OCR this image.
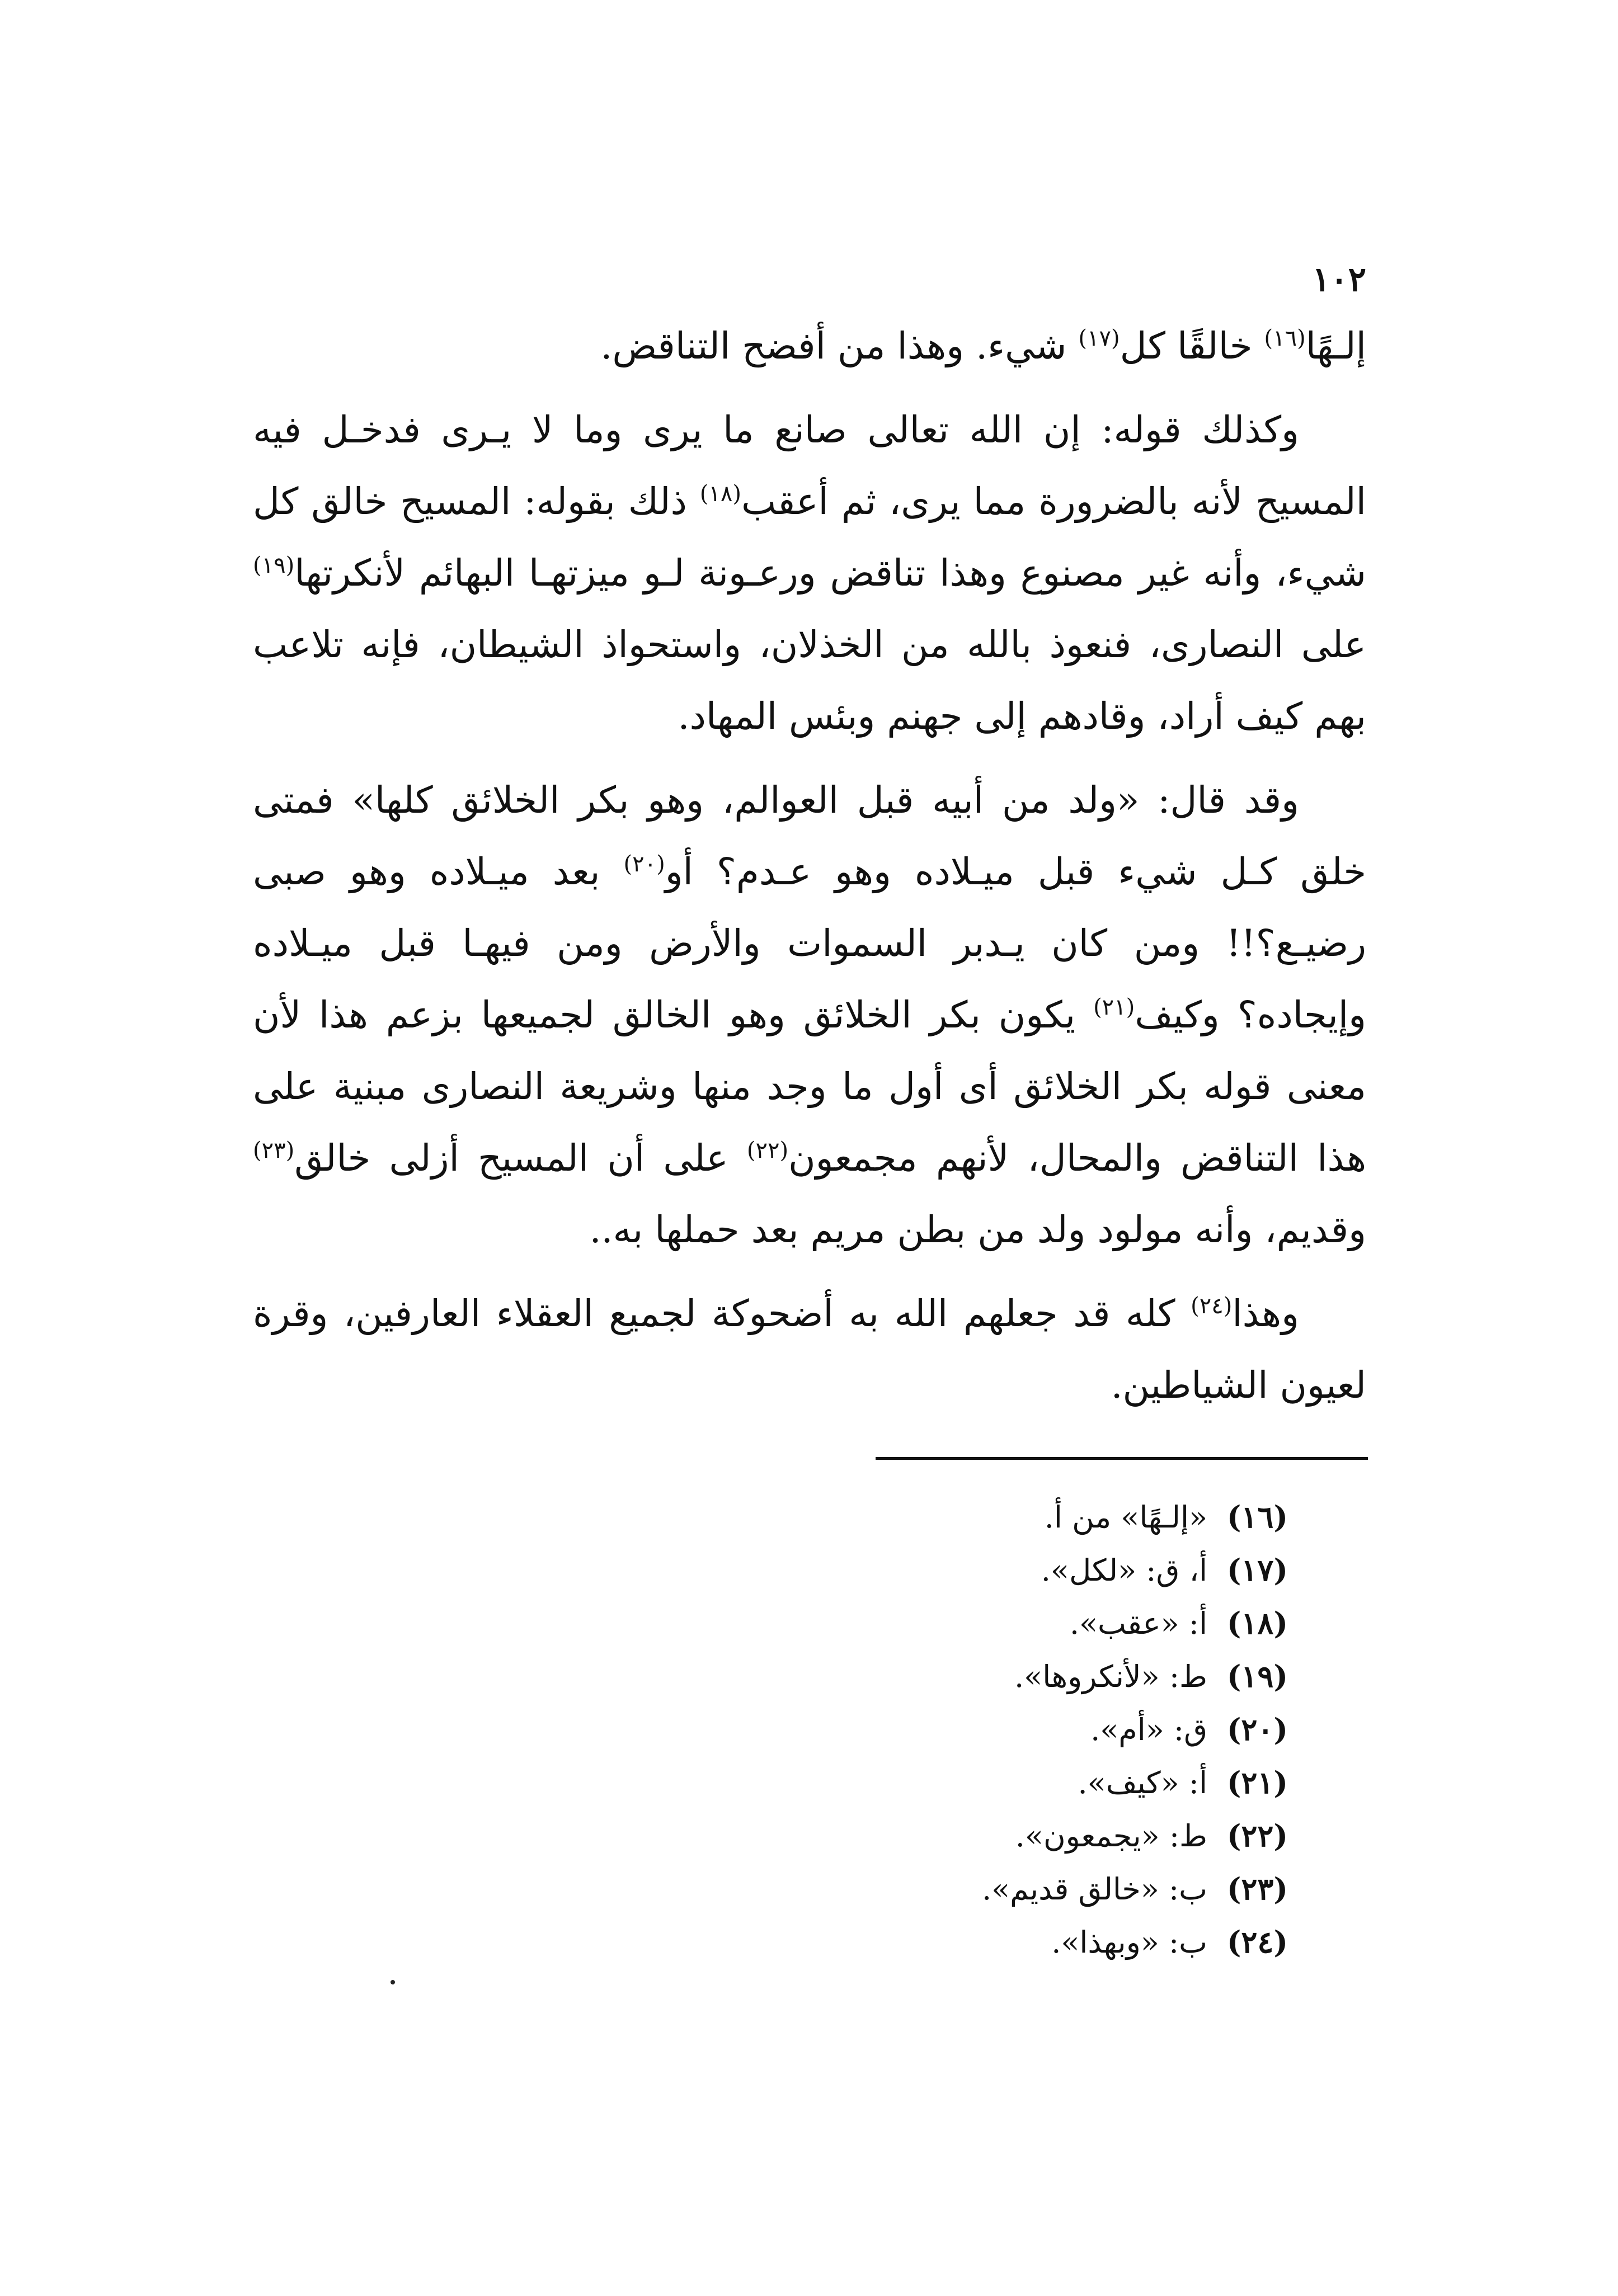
١٠٢

إلـهًا$^{(١٦)}$ خالقًا كل$^{(١٧)}$ شيء. وهذا من أفضح التناقض.

وكذلك قوله: إن الله تعالى صانع ما يرى وما لا يـرى فدخـل فيه المسيح لأنه بالضرورة مما يرى، ثم أعقب$^{(١٨)}$ ذلك بقوله: المسيح خالق كل شيء، وأنه غير مصنوع وهذا تناقض ورعـونة لـو ميزتهـا البهائم لأنكرتها$^{(١٩)}$ على النصارى، فنعوذ بالله من الخذلان، واستحواذ الشيطان، فإنه تلاعب بهم كيف أراد، وقادهم إلى جهنم وبئس المهاد.

وقد قال: «ولد من أبيه قبل العوالم، وهو بكر الخلائق كلها» فمتى خلق كـل شيء قبل ميـلاده وهو عـدم؟ أو$^{(٢٠)}$ بعد ميـلاده وهو صبى رضيـع؟!! ومن كان يـدبر السموات والأرض ومن فيهـا قبل ميـلاده وإيجاده؟ وكيف$^{(٢١)}$ يكون بكر الخلائق وهو الخالق لجميعها بزعم هذا لأن معنى قوله بكر الخلائق أى أول ما وجد منها وشريعة النصارى مبنية على هذا التناقض والمحال، لأنهم مجمعون$^{(٢٢)}$ على أن المسيح أزلى خالق$^{(٢٣)}$ وقديم، وأنه مولود ولد من بطن مريم بعد حملها به..

وهذا$^{(٢٤)}$ كله قد جعلهم الله به أضحوكة لجميع العقلاء العارفين، وقرة لعيون الشياطين.

(١٦)«إلـهًا» من أ.
(١٧)أ، ق: «لكل».
(١٨)أ: «عقب».
(١٩)ط: «لأنكروها».
(٢٠)ق: «أم».
(٢١)أ: «كيف».
(٢٢)ط: «يجمعون».
(٢٣)ب: «خالق قديم».
(٢٤)ب: «وبهذا».
